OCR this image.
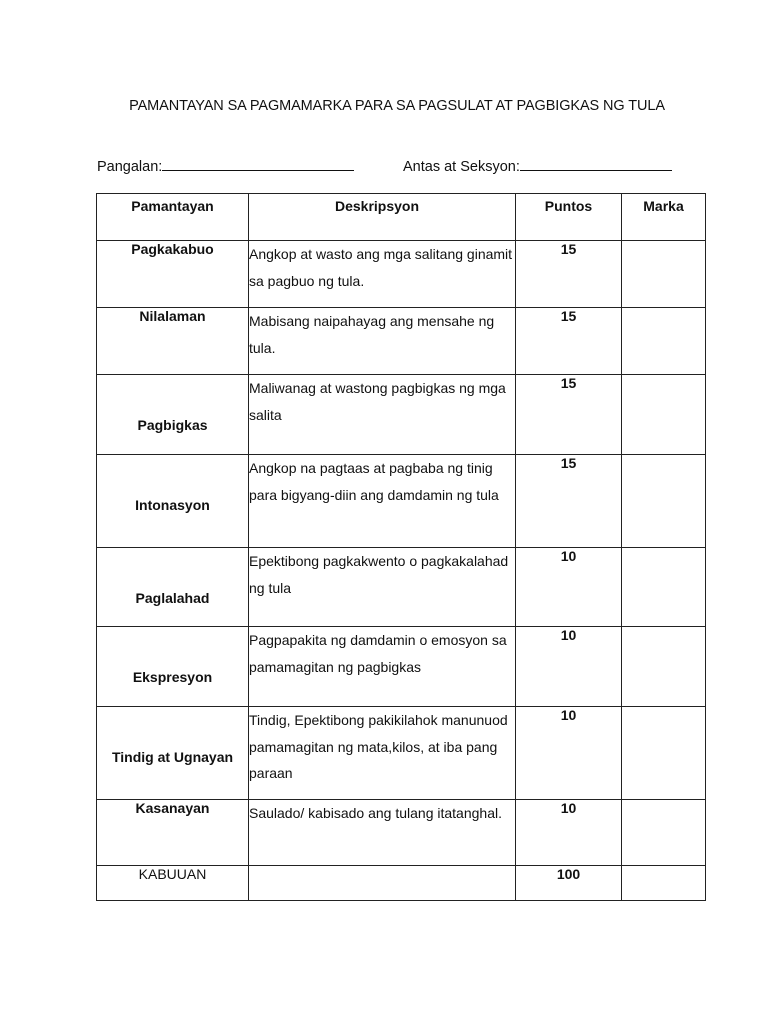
PAMANTAYAN SA PAGMAMARKA PARA SA PAGSULAT AT PAGBIGKAS NG TULA
Pangalan:	Antas at Seksyon:
Pamantayan	Deskripsyon	Puntos	Marka
Pagkakabuo	Angkop at wasto ang mga salitang ginamit sa pagbuo ng tula.	15	
Nilalaman	Mabisang naipahayag ang mensahe ng tula.	15	
Pagbigkas	Maliwanag at wastong pagbigkas ng mga salita	15	
Intonasyon	Angkop na pagtaas at pagbaba ng tinig para bigyang-diin ang damdamin ng tula	15	
Paglalahad	Epektibong pagkakwento o pagkakalahad ng tula	10	
Ekspresyon	Pagpapakita ng damdamin o emosyon sa pamamagitan ng pagbigkas	10	
Tindig at Ugnayan	Tindig, Epektibong pakikilahok manunuod pamamagitan ng mata,kilos, at iba pang paraan	10	
Kasanayan	Saulado/ kabisado ang tulang itatanghal.	10	
KABUUAN		100	
